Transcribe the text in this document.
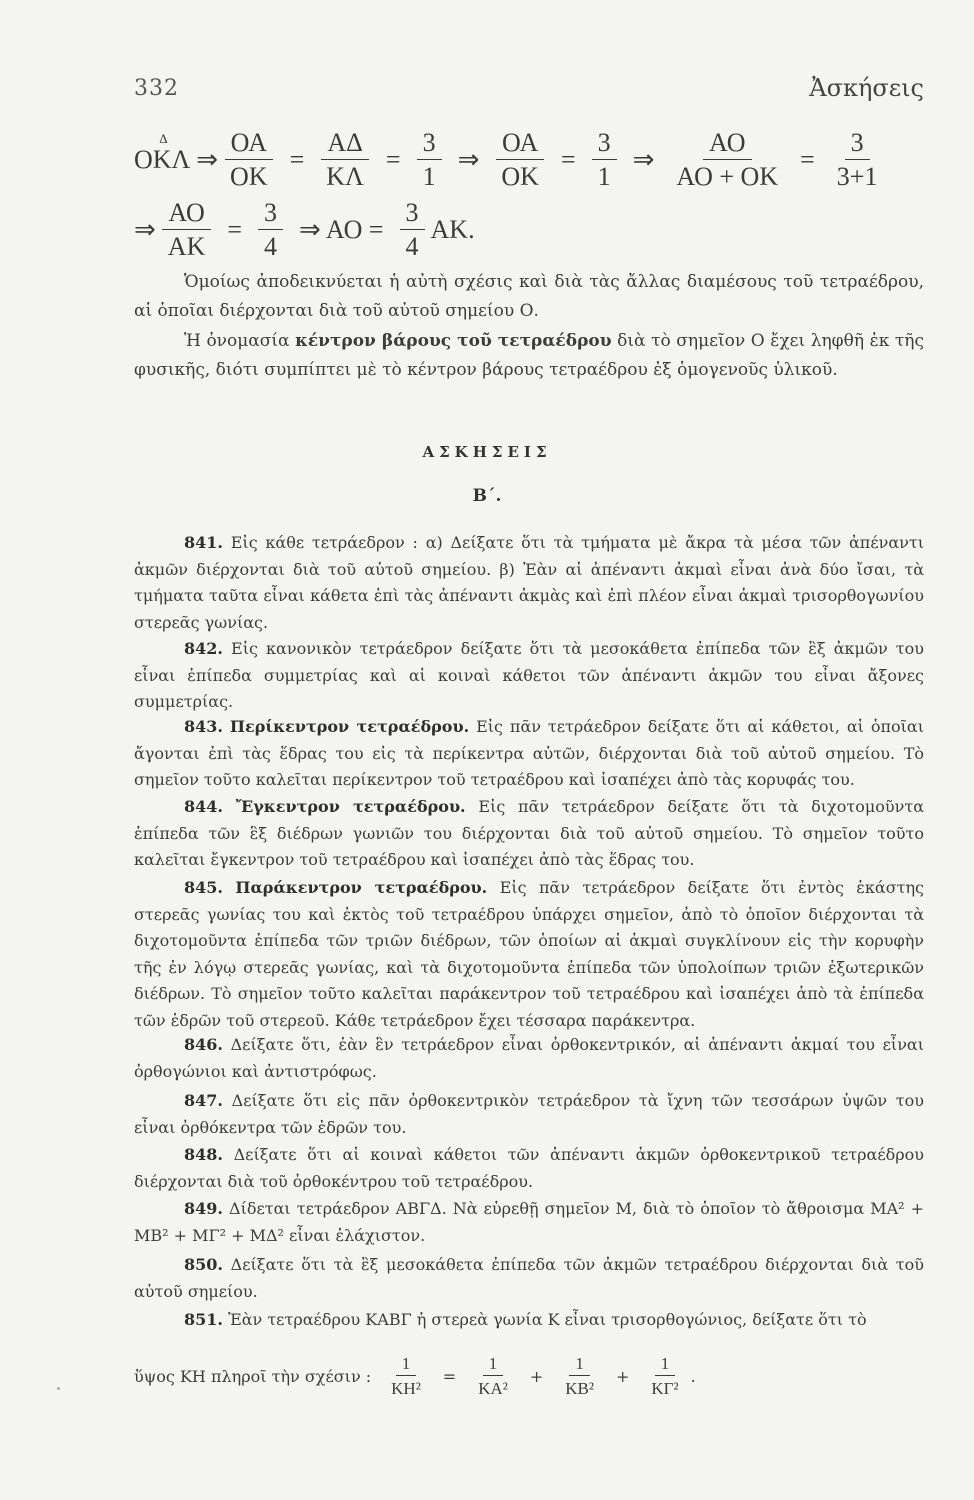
332	Ἀσκήσεις
Δ
ΟΚΛ ⇒ $\frac{OA}{OK} = \frac{A\Delta}{K\Lambda} = \frac{3}{1}$ ⇒ $\frac{OA}{OK} = \frac{3}{1}$ ⇒ $\frac{AO}{AO + OK} = \frac{3}{3+1}$
⇒ $\frac{AO}{AK} = \frac{3}{4}$ ⇒ $AO = \frac{3}{4} AK$.
Ὁμοίως ἀποδεικνύεται ἡ αὐτὴ σχέσις καὶ διὰ τὰς ἄλλας διαμέσους τοῦ τετραέδρου, αἱ ὁποῖαι διέρχονται διὰ τοῦ αὐτοῦ σημείου Ο.
Ἡ ὀνομασία κέντρον βάρους τοῦ τετραέδρου διὰ τὸ σημεῖον Ο ἔχει ληφθῆ ἐκ τῆς φυσικῆς, διότι συμπίπτει μὲ τὸ κέντρον βάρους τετραέδρου ἐξ ὁμογενοῦς ὑλικοῦ.
ΑΣΚΗΣΕΙΣ
Β΄.
841. Εἰς κάθε τετράεδρον : α) Δείξατε ὅτι τὰ τμήματα μὲ ἄκρα τὰ μέσα τῶν ἀπέναντι ἀκμῶν διέρχονται διὰ τοῦ αὐτοῦ σημείου. β) Ἐὰν αἱ ἀπέναντι ἀκμαὶ εἶναι ἀνὰ δύο ἴσαι, τὰ τμήματα ταῦτα εἶναι κάθετα ἐπὶ τὰς ἀπέναντι ἀκμὰς καὶ ἐπὶ πλέον εἶναι ἀκμαὶ τρισορθογωνίου στερεᾶς γωνίας.
842. Εἰς κανονικὸν τετράεδρον δείξατε ὅτι τὰ μεσοκάθετα ἐπίπεδα τῶν ἓξ ἀκμῶν του εἶναι ἐπίπεδα συμμετρίας καὶ αἱ κοιναὶ κάθετοι τῶν ἀπέναντι ἀκμῶν του εἶναι ἄξονες συμμετρίας.
843. Περίκεντρον τετραέδρου. Εἰς πᾶν τετράεδρον δείξατε ὅτι αἱ κάθετοι, αἱ ὁποῖαι ἄγονται ἐπὶ τὰς ἕδρας του εἰς τὰ περίκεντρα αὐτῶν, διέρχονται διὰ τοῦ αὐτοῦ σημείου. Τὸ σημεῖον τοῦτο καλεῖται περίκεντρον τοῦ τετραέδρου καὶ ἰσαπέχει ἀπὸ τὰς κορυφάς του.
844. Ἔγκεντρον τετραέδρου. Εἰς πᾶν τετράεδρον δείξατε ὅτι τὰ διχοτομοῦντα ἐπίπεδα τῶν ἓξ διέδρων γωνιῶν του διέρχονται διὰ τοῦ αὐτοῦ σημείου. Τὸ σημεῖον τοῦτο καλεῖται ἔγκεντρον τοῦ τετραέδρου καὶ ἰσαπέχει ἀπὸ τὰς ἕδρας του.
845. Παράκεντρον τετραέδρου. Εἰς πᾶν τετράεδρον δείξατε ὅτι ἐντὸς ἑκάστης στερεᾶς γωνίας του καὶ ἐκτὸς τοῦ τετραέδρου ὑπάρχει σημεῖον, ἀπὸ τὸ ὁποῖον διέρχονται τὰ διχοτομοῦντα ἐπίπεδα τῶν τριῶν διέδρων, τῶν ὁποίων αἱ ἀκμαὶ συγκλίνουν εἰς τὴν κορυφὴν τῆς ἐν λόγῳ στερεᾶς γωνίας, καὶ τὰ διχοτομοῦντα ἐπίπεδα τῶν ὑπολοίπων τριῶν ἐξωτερικῶν διέδρων. Τὸ σημεῖον τοῦτο καλεῖται παράκεντρον τοῦ τετραέδρου καὶ ἰσαπέχει ἀπὸ τὰ ἐπίπεδα τῶν ἑδρῶν τοῦ στερεοῦ. Κάθε τετράεδρον ἔχει τέσσαρα παράκεντρα.
846. Δείξατε ὅτι, ἐὰν ἓν τετράεδρον εἶναι ὀρθοκεντρικόν, αἱ ἀπέναντι ἀκμαί του εἶναι ὀρθογώνιοι καὶ ἀντιστρόφως.
847. Δείξατε ὅτι εἰς πᾶν ὀρθοκεντρικὸν τετράεδρον τὰ ἴχνη τῶν τεσσάρων ὑψῶν του εἶναι ὀρθόκεντρα τῶν ἑδρῶν του.
848. Δείξατε ὅτι αἱ κοιναὶ κάθετοι τῶν ἀπέναντι ἀκμῶν ὀρθοκεντρικοῦ τετραέδρου διέρχονται διὰ τοῦ ὀρθοκέντρου τοῦ τετραέδρου.
849. Δίδεται τετράεδρον ΑΒΓΔ. Νὰ εὑρεθῇ σημεῖον Μ, διὰ τὸ ὁποῖον τὸ ἄθροισμα ΜΑ² + ΜΒ² + ΜΓ² + ΜΔ² εἶναι ἐλάχιστον.
850. Δείξατε ὅτι τὰ ἓξ μεσοκάθετα ἐπίπεδα τῶν ἀκμῶν τετραέδρου διέρχονται διὰ τοῦ αὐτοῦ σημείου.
851. Ἐὰν τετραέδρου ΚΑΒΓ ἡ στερεὰ γωνία Κ εἶναι τρισορθογώνιος, δείξατε ὅτι τὸ
ὕψος ΚΗ πληροῖ τὴν σχέσιν : $\frac{1}{\text{ΚΗ²}} = \frac{1}{\text{ΚΑ²}} + \frac{1}{\text{ΚΒ²}} + \frac{1}{\text{ΚΓ²}}$ .
